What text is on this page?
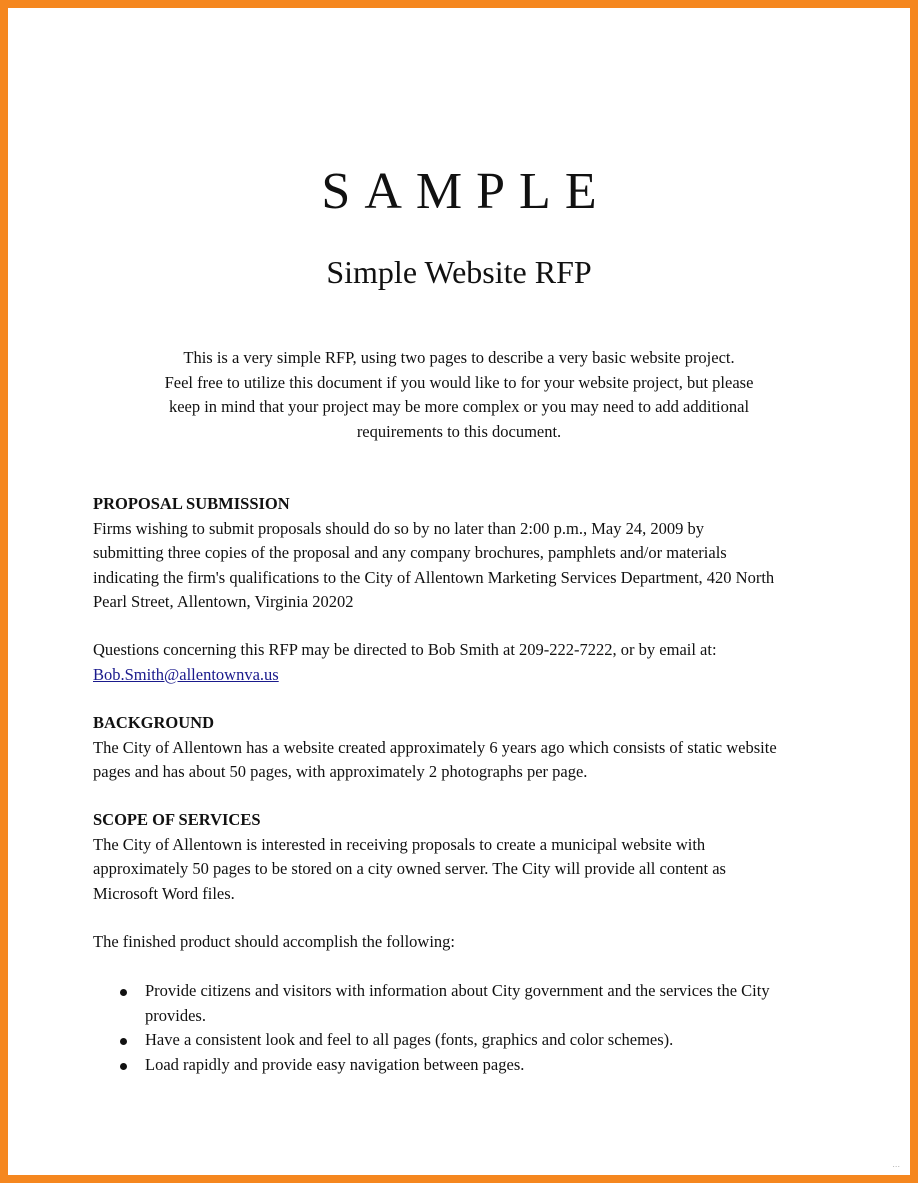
SAMPLE
Simple Website RFP
This is a very simple RFP, using two pages to describe a very basic website project.
Feel free to utilize this document if you would like to for your website project, but please
keep in mind that your project may be more complex or you may need to add additional
requirements to this document.
PROPOSAL SUBMISSION
Firms wishing to submit proposals should do so by no later than 2:00 p.m., May 24, 2009 by
submitting three copies of the proposal and any company brochures, pamphlets and/or materials
indicating the firm's qualifications to the City of Allentown Marketing Services Department, 420 North
Pearl Street, Allentown, Virginia 20202
Questions concerning this RFP may be directed to Bob Smith at 209-222-7222, or by email at:
Bob.Smith@allentownva.us
BACKGROUND
The City of Allentown has a website created approximately 6 years ago which consists of static website
pages and has about 50 pages, with approximately 2 photographs per page.
SCOPE OF SERVICES
The City of Allentown is interested in receiving proposals to create a municipal website with
approximately 50 pages to be stored on a city owned server. The City will provide all content as
Microsoft Word files.
The finished product should accomplish the following:
Provide citizens and visitors with information about City government and the services the City
provides.
Have a consistent look and feel to all pages (fonts, graphics and color schemes).
Load rapidly and provide easy navigation between pages.
...
